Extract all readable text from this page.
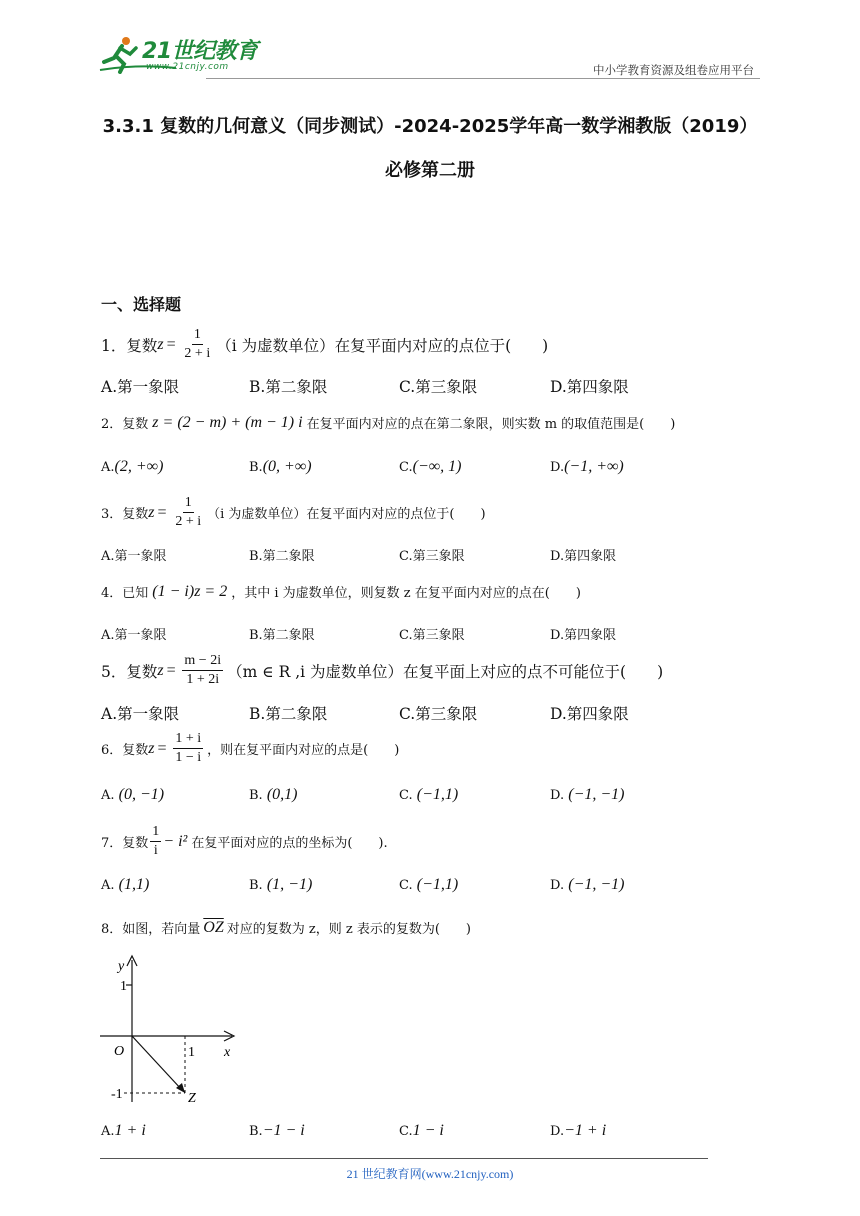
21世纪教育
www.21cnjy.com	中小学教育资源及组卷应用平台
3.3.1 复数的几何意义（同步测试）-2024-2025学年高一数学湘教版（2019）
必修第二册
一、选择题
1． 复数 $z = \frac{1}{2 + i} (i$ 为虚数单位）在复平面内对应的点位于(　　)
A.第一象限	B.第二象限	C.第三象限	D.第四象限
2． 复数 z = (2 − m) + (m − 1) i 在复平面内对应的点在第二象限，则实数 m 的取值范围是(　　)
A. (2, +∞)	B. (0, +∞)	C. (−∞, 1)	D. (−1, +∞)
3． 复数 $z = \frac{1}{2 + i} (i$ 为虚数单位）在复平面内对应的点位于(　　)
A.第一象限	B.第二象限	C.第三象限	D.第四象限
4． 已知 (1 − i)z = 2 ，其中 i 为虚数单位，则复数 z 在复平面内对应的点在(　　)
A.第一象限	B.第二象限	C.第三象限	D.第四象限
5． 复数 $z = \frac{m - 2i}{1 + 2i} (m$ ∈ R ,i 为虚数单位）在复平面上对应的点不可能位于(　　)
A.第一象限	B.第二象限	C.第三象限	D.第四象限
6． 复数 $z = \frac{1 + i}{1 - i}$ ，则在复平面内对应的点是(　　)
A.
(0, −1)	B.
(0,1)	C.
(−1,1)	D.
(−1, −1)
7． 复数 $\frac{1}{i} - i^2$ 在复平面对应的点的坐标为(　　).
A.
(1,1)	B.
(1, −1)	C.
(−1,1)	D.
(−1, −1)
8． 如图，若向量 $\overline{OZ}$ 对应的复数为 z，则 z 表示的复数为(　　)
y
x
O
1
1
-1	Z
A. 1 + i	B. −1 − i	C. 1 − i	D. −1 + i
21 世纪教育网(www.21cnjy.com)
